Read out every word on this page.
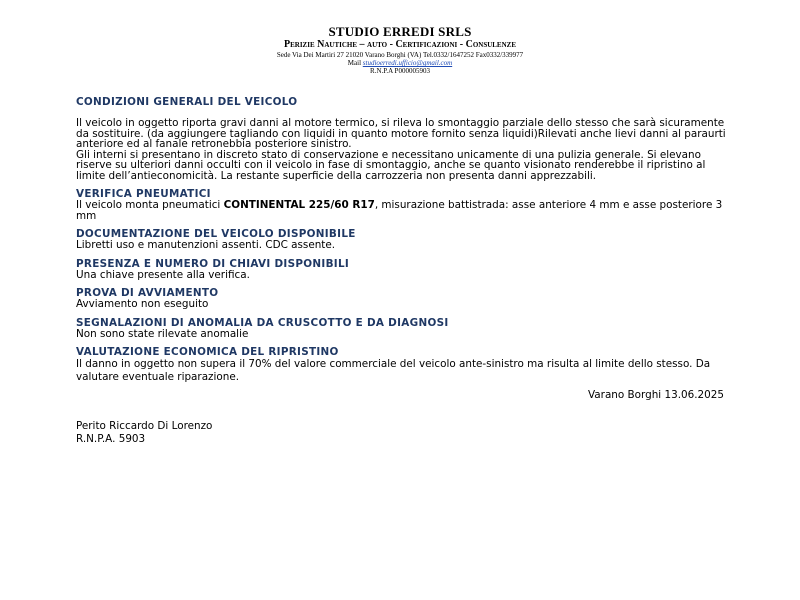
STUDIO ERREDI SRLS
Perizie Nautiche – auto - Certificazioni - Consulenze
Sede Via Dei Martiri 27 21020 Varano Borghi (VA) Tel.0332/1647252 Fax0332/339977
Mail studioerredi.ufficio@gmail.com
R.N.P.A P000005903
CONDIZIONI GENERALI DEL VEICOLO

Il veicolo in oggetto riporta gravi danni al motore termico, si rileva lo smontaggio parziale dello stesso che sarà sicuramente da sostituire. (da aggiungere tagliando con liquidi in quanto motore fornito senza liquidi)Rilevati anche lievi danni al paraurti anteriore ed al fanale retronebbia posteriore sinistro.

Gli interni si presentano in discreto stato di conservazione e necessitano unicamente di una pulizia generale. Si elevano riserve su ulteriori danni occulti con il veicolo in fase di smontaggio, anche se quanto visionato renderebbe il ripristino al limite dell’antieconomicità. La restante superficie della carrozzeria non presenta danni apprezzabili.

VERIFICA PNEUMATICI

Il veicolo monta pneumatici CONTINENTAL 225/60 R17, misurazione battistrada: asse anteriore 4 mm e asse posteriore 3 mm

DOCUMENTAZIONE DEL VEICOLO DISPONIBILE

Libretti uso e manutenzioni assenti. CDC assente.

PRESENZA E NUMERO DI CHIAVI DISPONIBILI

Una chiave presente alla verifica.

PROVA DI AVVIAMENTO

Avviamento non eseguito

SEGNALAZIONI DI ANOMALIA DA CRUSCOTTO E DA DIAGNOSI

Non sono state rilevate anomalie

VALUTAZIONE ECONOMICA DEL RIPRISTINO

Il danno in oggetto non supera il 70% del valore commerciale del veicolo ante-sinistro ma risulta al limite dello stesso. Da valutare eventuale riparazione.

Varano Borghi 13.06.2025
Perito Riccardo Di Lorenzo
R.N.P.A. 5903
